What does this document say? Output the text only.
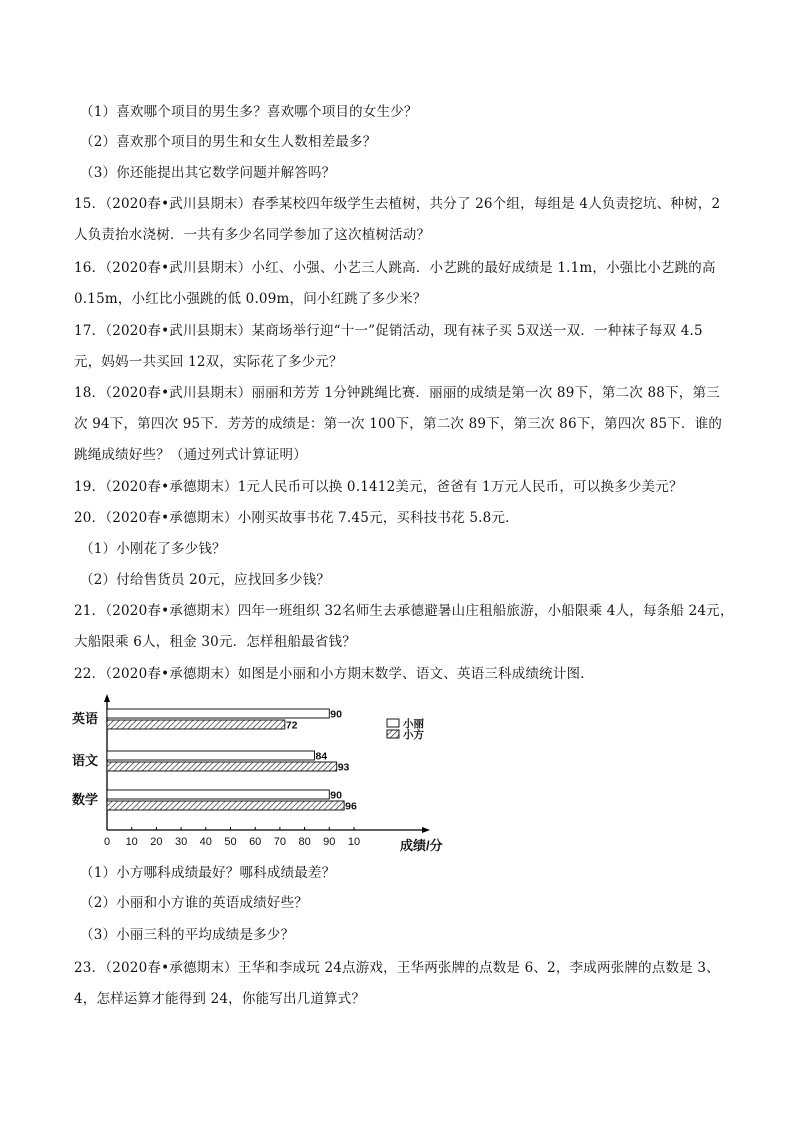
（1）喜欢哪个项目的男生多？喜欢哪个项目的女生少？
（2）喜欢那个项目的男生和女生人数相差最多？
（3）你还能提出其它数学问题并解答吗？
15．（2020春•武川县期末）春季某校四年级学生去植树，共分了 26个组，每组是 4人负责挖坑、种树，2
人负责抬水浇树．一共有多少名同学参加了这次植树活动？
16．（2020春•武川县期末）小红、小强、小艺三人跳高．小艺跳的最好成绩是 1.1m，小强比小艺跳的高
0.15m，小红比小强跳的低 0.09m，问小红跳了多少米？
17．（2020春•武川县期末）某商场举行迎“十一”促销活动，现有袜子买 5双送一双．一种袜子每双 4.5
元，妈妈一共买回 12双，实际花了多少元？
18．（2020春•武川县期末）丽丽和芳芳 1分钟跳绳比赛．丽丽的成绩是第一次 89下，第二次 88下，第三
次 94下，第四次 95下．芳芳的成绩是：第一次 100下，第二次 89下，第三次 86下，第四次 85下．谁的
跳绳成绩好些？（通过列式计算证明）
19．（2020春•承德期末）1元人民币可以换 0.1412美元，爸爸有 1万元人民币，可以换多少美元？
20．（2020春•承德期末）小刚买故事书花 7.45元，买科技书花 5.8元．
（1）小刚花了多少钱？
（2）付给售货员 20元，应找回多少钱？
21．（2020春•承德期末）四年一班组织 32名师生去承德避暑山庄租船旅游，小船限乘 4人，每条船 24元，
大船限乘 6人，租金 30元．怎样租船最省钱？
22．（2020春•承德期末）如图是小丽和小方期末数学、语文、英语三科成绩统计图．
0 10 20 30 40 50 60 70 80 90 10	成绩/分
英语	90
72
语文	84
93
数学	90
96
小丽
小方
（1）小方哪科成绩最好？哪科成绩最差？
（2）小丽和小方谁的英语成绩好些？
（3）小丽三科的平均成绩是多少？
23．（2020春•承德期末）王华和李成玩 24点游戏，王华两张牌的点数是 6、2，李成两张牌的点数是 3、
4，怎样运算才能得到 24，你能写出几道算式？
